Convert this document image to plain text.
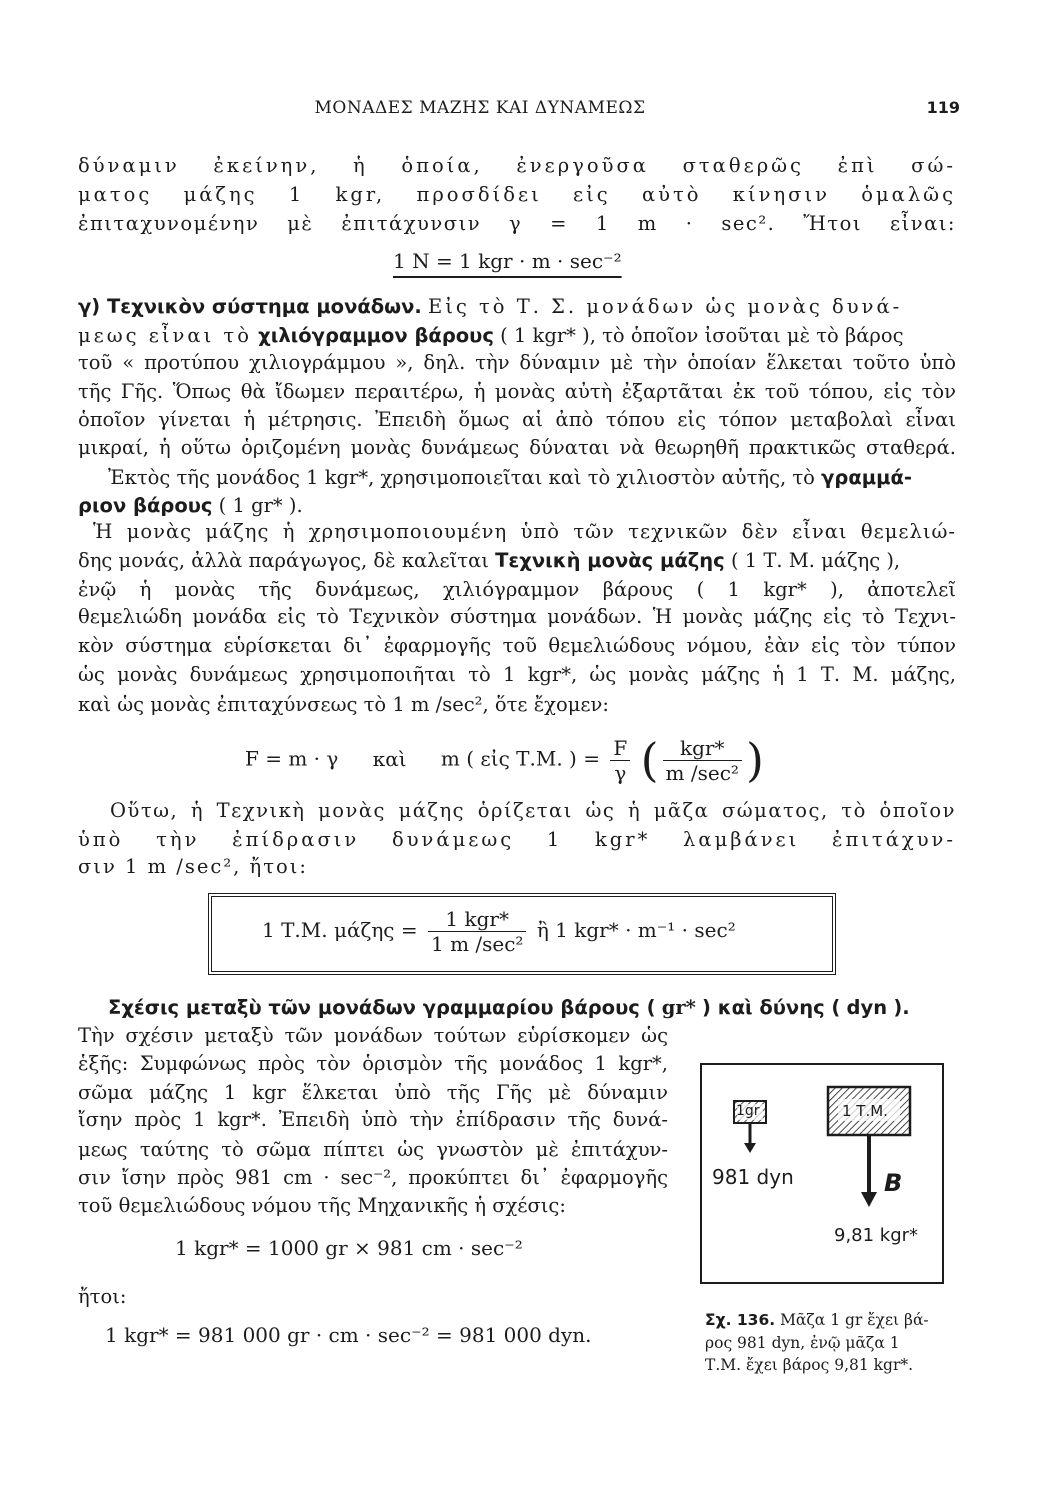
ΜΟΝΑΔΕΣ ΜΑΖΗΣ ΚΑΙ ΔΥΝΑΜΕΩΣ	119

δύναμιν ἐκείνην, ἡ ὁποία, ἐνεργοῦσα σταθερῶς ἐπὶ σώ-

ματος μάζης 1 kgr, προσδίδει εἰς αὐτὸ κίνησιν ὁμαλῶς

ἐπιταχυνομένην μὲ ἐπιτάχυνσιν γ = 1 m · sec². Ἤτοι εἶναι:

1 N = 1 kgr · m · sec⁻²

γ) Τεχνικὸν σύστημα μονάδων. Εἰς τὸ Τ. Σ. μονάδων ὡς μονὰς δυνά-

μεως εἶναι τὸ χιλιόγραμμον βάρους ( 1 kgr* ), τὸ ὁποῖον ἰσοῦται μὲ τὸ βάρος

τοῦ « προτύπου χιλιογράμμου », δηλ. τὴν δύναμιν μὲ τὴν ὁποίαν ἕλκεται τοῦτο ὑπὸ

τῆς Γῆς. Ὅπως θὰ ἴδωμεν περαιτέρω, ἡ μονὰς αὐτὴ ἐξαρτᾶται ἐκ τοῦ τόπου, εἰς τὸν

ὁποῖον γίνεται ἡ μέτρησις. Ἐπειδὴ ὅμως αἱ ἀπὸ τόπου εἰς τόπον μεταβολαὶ εἶναι

μικραί, ἡ οὕτω ὁριζομένη μονὰς δυνάμεως δύναται νὰ θεωρηθῆ πρακτικῶς σταθερά.

Ἐκτὸς τῆς μονάδος 1 kgr*, χρησιμοποιεῖται καὶ τὸ χιλιοστὸν αὐτῆς, τὸ γραμμά-

ριον βάρους ( 1 gr* ).

Ἡ μονὰς μάζης ἡ χρησιμοποιουμένη ὑπὸ τῶν τεχνικῶν δὲν εἶναι θεμελιώ-

δης μονάς, ἀλλὰ παράγωγος, δὲ καλεῖται Τεχνικὴ μονὰς μάζης ( 1 Τ. Μ. μάζης ),

ἐνῷ ἡ μονὰς τῆς δυνάμεως, χιλιόγραμμον βάρους ( 1 kgr* ), ἀποτελεῖ

θεμελιώδη μονάδα εἰς τὸ Τεχνικὸν σύστημα μονάδων. Ἡ μονὰς μάζης εἰς τὸ Τεχνι-

κὸν σύστημα εὑρίσκεται δι᾽ ἐφαρμογῆς τοῦ θεμελιώδους νόμου, ἐὰν εἰς τὸν τύπον

ὡς μονὰς δυνάμεως χρησιμοποιῆται τὸ 1 kgr*, ὡς μονὰς μάζης ἡ 1 Τ. Μ. μάζης,

καὶ ὡς μονὰς ἐπιταχύνσεως τὸ 1 m /sec², ὅτε ἔχομεν:

F = m · γ καὶ m ( εἰς Τ.Μ. ) = $\frac{F}{\gamma}$ ( $\frac{\text{kgr*}}{\text{m /sec²}}$ )

Οὕτω, ἡ Τεχνικὴ μονὰς μάζης ὁρίζεται ὡς ἡ μᾶζα σώματος, τὸ ὁποῖον

ὑπὸ τὴν ἐπίδρασιν δυνάμεως 1 kgr* λαμβάνει ἐπιτάχυν-

σιν 1 m /sec², ἤτοι:

1 Τ.Μ. $\mu ά\zeta\eta\varsigma = \frac{\text{1 kgr*}}{\text{1 m /sec²}}$ ἢ 1 kgr* · m⁻¹ · sec²

Σχέσις μεταξὺ τῶν μονάδων γραμμαρίου βάρους ( gr* ) καὶ δύνης ( dyn ).

Τὴν σχέσιν μεταξὺ τῶν μονάδων τούτων εὑρίσκομεν ὡς

ἑξῆς: Συμφώνως πρὸς τὸν ὁρισμὸν τῆς μονάδος 1 kgr*,

σῶμα μάζης 1 kgr ἕλκεται ὑπὸ τῆς Γῆς μὲ δύναμιν

ἴσην πρὸς 1 kgr*. Ἐπειδὴ ὑπὸ τὴν ἐπίδρασιν τῆς δυνά-

μεως ταύτης τὸ σῶμα πίπτει ὡς γνωστὸν μὲ ἐπιτάχυν-

σιν ἴσην πρὸς 981 cm · sec⁻², προκύπτει δι᾽ ἐφαρμογῆς

τοῦ θεμελιώδους νόμου τῆς Μηχανικῆς ἡ σχέσις:

1 kgr* = 1000 gr × 981 cm · sec⁻²

ἤτοι:

1 kgr* = 981 000 gr · cm · sec⁻² = 981 000 dyn.
1gr	1 Τ.Μ.
981 dyn	B
9,81 kgr*

Σχ. 136. Μᾶζα 1 gr ἔχει βά-

ρος 981 dyn, ἐνῷ μᾶζα 1

Τ.Μ. ἔχει βάρος 9,81 kgr*.
